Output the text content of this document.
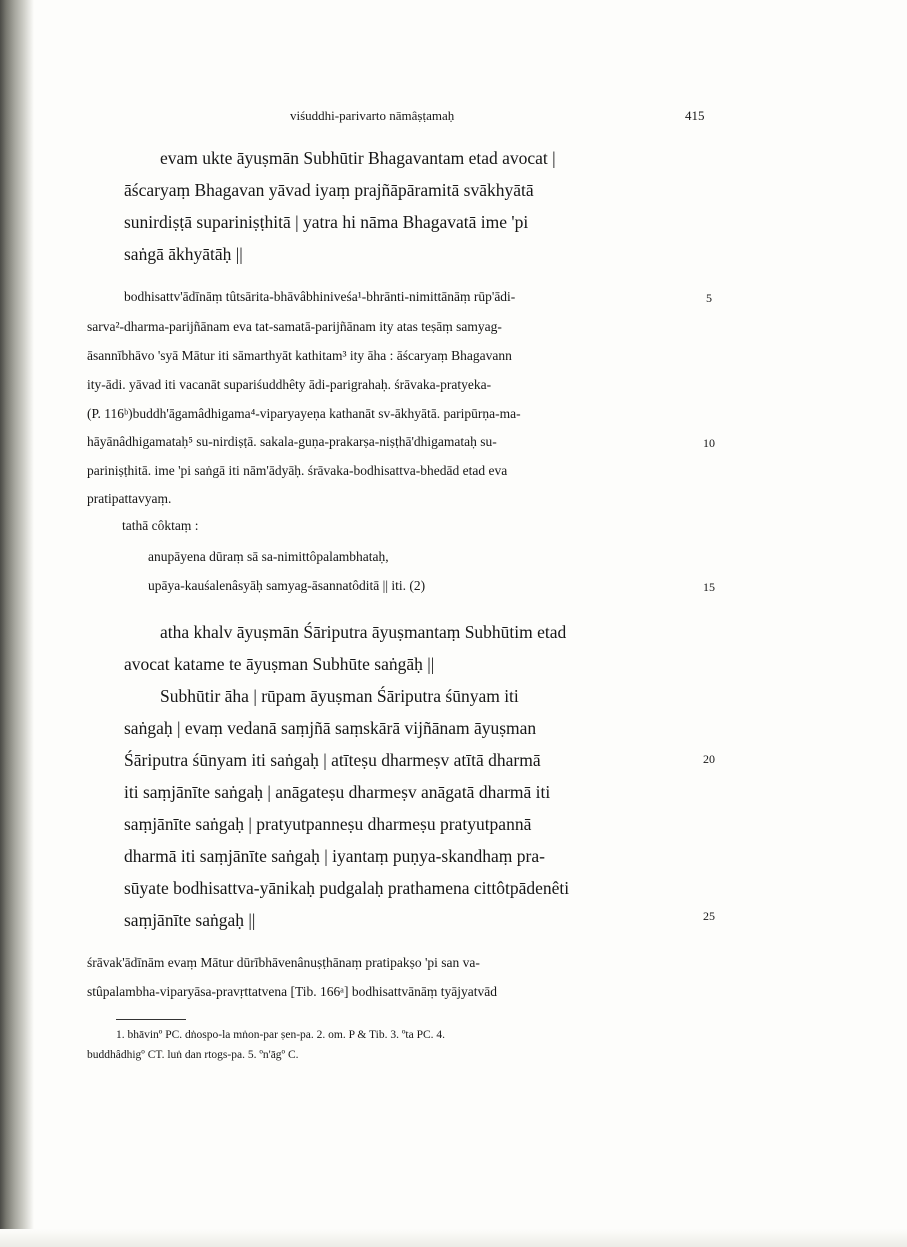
viśuddhi-parivarto nāmâṣṭamaḥ	415
evam ukte āyuṣmān Subhūtir Bhagavantam etad avocat |
āścaryaṃ Bhagavan yāvad iyaṃ prajñāpāramitā svākhyātā
sunirdiṣṭā supariniṣṭhitā | yatra hi nāma Bhagavatā ime 'pi
saṅgā ākhyātāḥ ||
bodhisattv'ādīnāṃ tûtsārita-bhāvâbhiniveśa¹-bhrānti-nimittānāṃ rūp'ādi-
sarva²-dharma-parijñānam eva tat-samatā-parijñānam ity atas teṣāṃ samyag-
āsannībhāvo 'syā Mātur iti sāmarthyāt kathitam³ ity āha : āścaryaṃ Bhagavann
ity-ādi. yāvad iti vacanāt supariśuddhêty ādi-parigrahaḥ. śrāvaka-pratyeka-
(P. 116ᵇ)buddh'āgamâdhigama⁴-viparyayeṇa kathanāt sv-ākhyātā. paripūrṇa-ma-
hāyānâdhigamataḥ⁵ su-nirdiṣṭā. sakala-guṇa-prakarṣa-niṣṭhā'dhigamataḥ su-
pariniṣṭhitā. ime 'pi saṅgā iti nām'ādyāḥ. śrāvaka-bodhisattva-bhedād etad eva
pratipattavyaṃ.
tathā côktaṃ :
anupāyena dūraṃ sā sa-nimittôpalambhataḥ,
upāya-kauśalenâsyāḥ samyag-āsannatôditā || iti. (2)
atha khalv āyuṣmān Śāriputra āyuṣmantaṃ Subhūtim etad
avocat katame te āyuṣman Subhūte saṅgāḥ ||
Subhūtir āha | rūpam āyuṣman Śāriputra śūnyam iti
saṅgaḥ | evaṃ vedanā saṃjñā saṃskārā vijñānam āyuṣman
Śāriputra śūnyam iti saṅgaḥ | atīteṣu dharmeṣv atītā dharmā
iti saṃjānīte saṅgaḥ | anāgateṣu dharmeṣv anāgatā dharmā iti
saṃjānīte saṅgaḥ | pratyutpanneṣu dharmeṣu pratyutpannā
dharmā iti saṃjānīte saṅgaḥ | iyantaṃ puṇya-skandhaṃ pra-
sūyate bodhisattva-yānikaḥ pudgalaḥ prathamena cittôtpādenêti
saṃjānīte saṅgaḥ ||
śrāvak'ādīnām evaṃ Mātur dūrībhāvenânuṣṭhānaṃ pratipakṣo 'pi san va-
stûpalambha-viparyāsa-pravṛttatvena [Tib. 166ᵃ] bodhisattvānāṃ tyājyatvād
5
10
15
20
25
1. bhāvinº PC. dṅospo-la mṅon-par ṣen-pa. 2. om. P & Tib. 3. ºta PC. 4.
buddhâdhigº CT. luṅ dan rtogs-pa. 5. ºn'āgº C.
